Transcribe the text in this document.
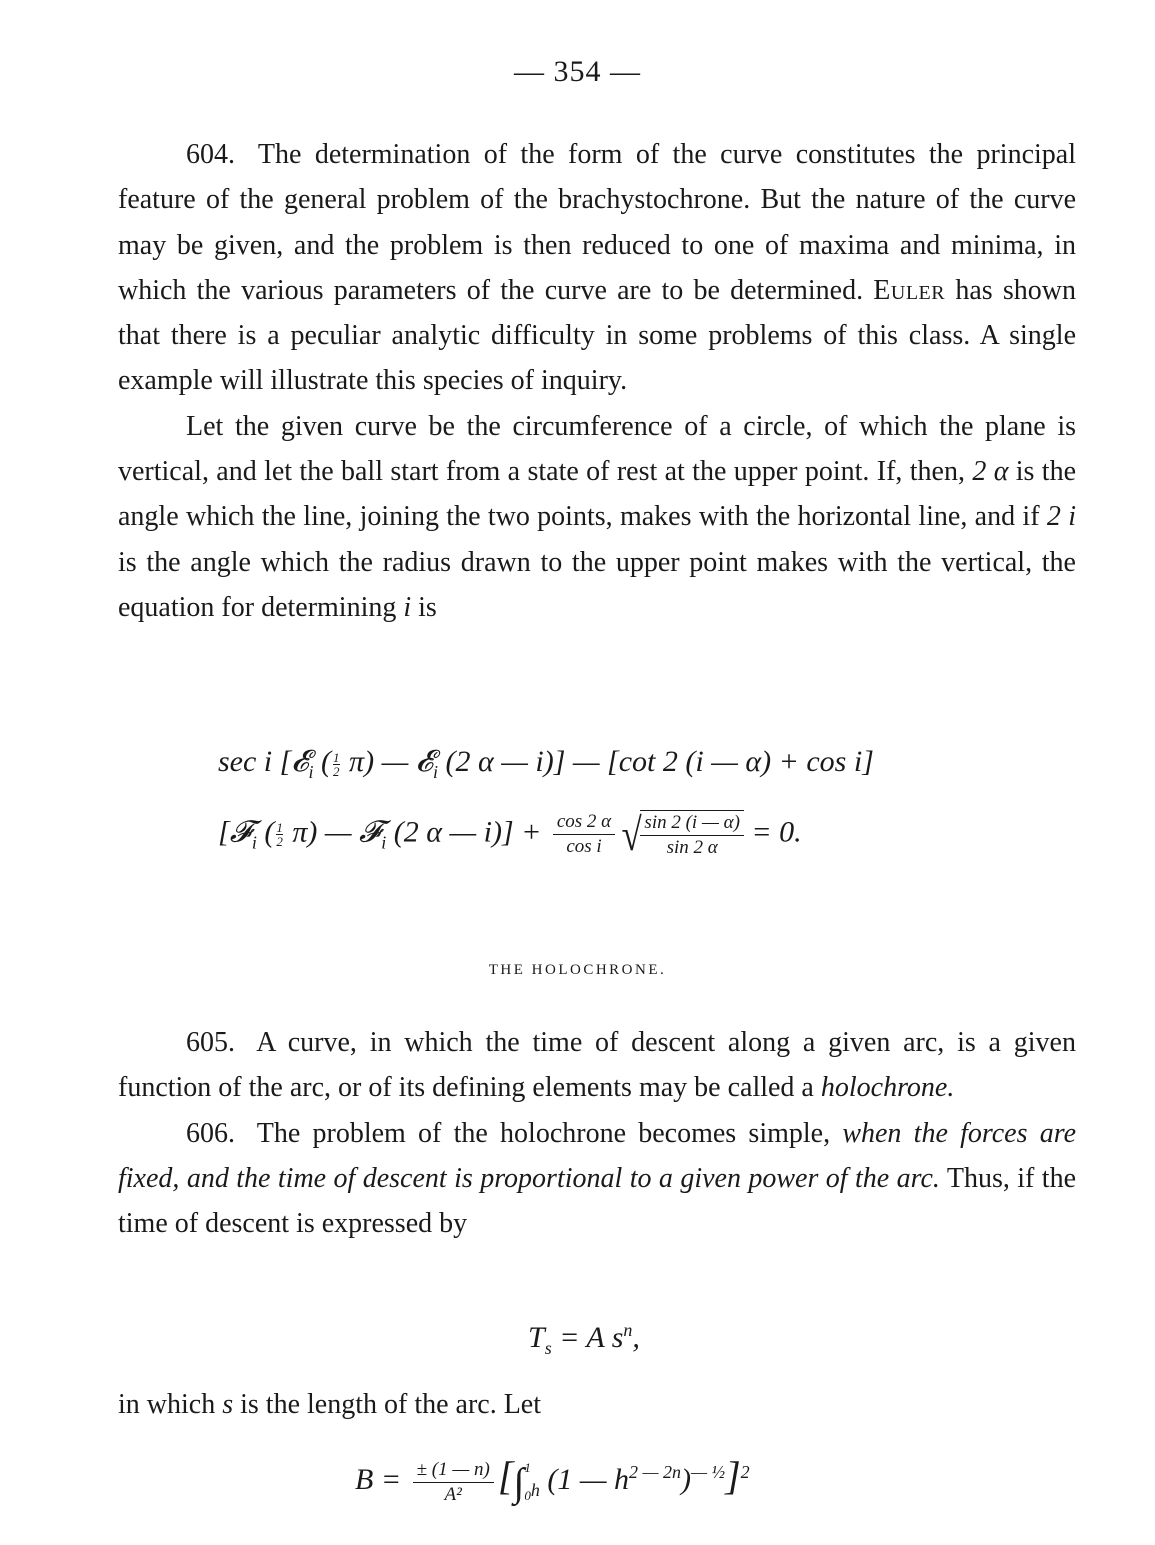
— 354 —

604. The determination of the form of the curve constitutes the principal feature of the general problem of the brachystochrone. But the nature of the curve may be given, and the problem is then reduced to one of maxima and minima, in which the various parameters of the curve are to be determined. Euler has shown that there is a peculiar analytic difficulty in some problems of this class. A single example will illustrate this species of inquiry.

Let the given curve be the circumference of a circle, of which the plane is vertical, and let the ball start from a state of rest at the upper point. If, then, 2 α is the angle which the line, joining the two points, makes with the horizontal line, and if 2 i is the angle which the radius drawn to the upper point makes with the vertical, the equation for determining i is

sec i [𝓔$_i$ ( $\frac{1}{2} \pi$) — 𝓔$_i$ (2 α — i)] — [cot 2 (i — α) + cos i]
[𝓕$_i$ ( $\frac{1}{2} \pi$) — 𝓕$_i$ (2 α — $i)] + \frac{\cos 2 \alpha}{\text{cos i}}$ √
$\frac{\sin 2 (i — \alpha)}{\sin 2 \alpha} = 0$.
THE HOLOCHRONE.

605. A curve, in which the time of descent along a given arc, is a given function of the arc, or of its defining elements may be called a holochrone.

606. The problem of the holochrone becomes simple, when the forces are fixed, and the time of descent is proportional to a given power of the arc. Thus, if the time of descent is expressed by

$T_s = A$ $s^n$,

in which s is the length of the arc. Let

$B = \frac{\pm (1 — n)}{\text{A²}}$ [∫ 1
0 $_h$ (1 — $h^{2 — 2n})^{— \frac{1}{2}}]^2$
